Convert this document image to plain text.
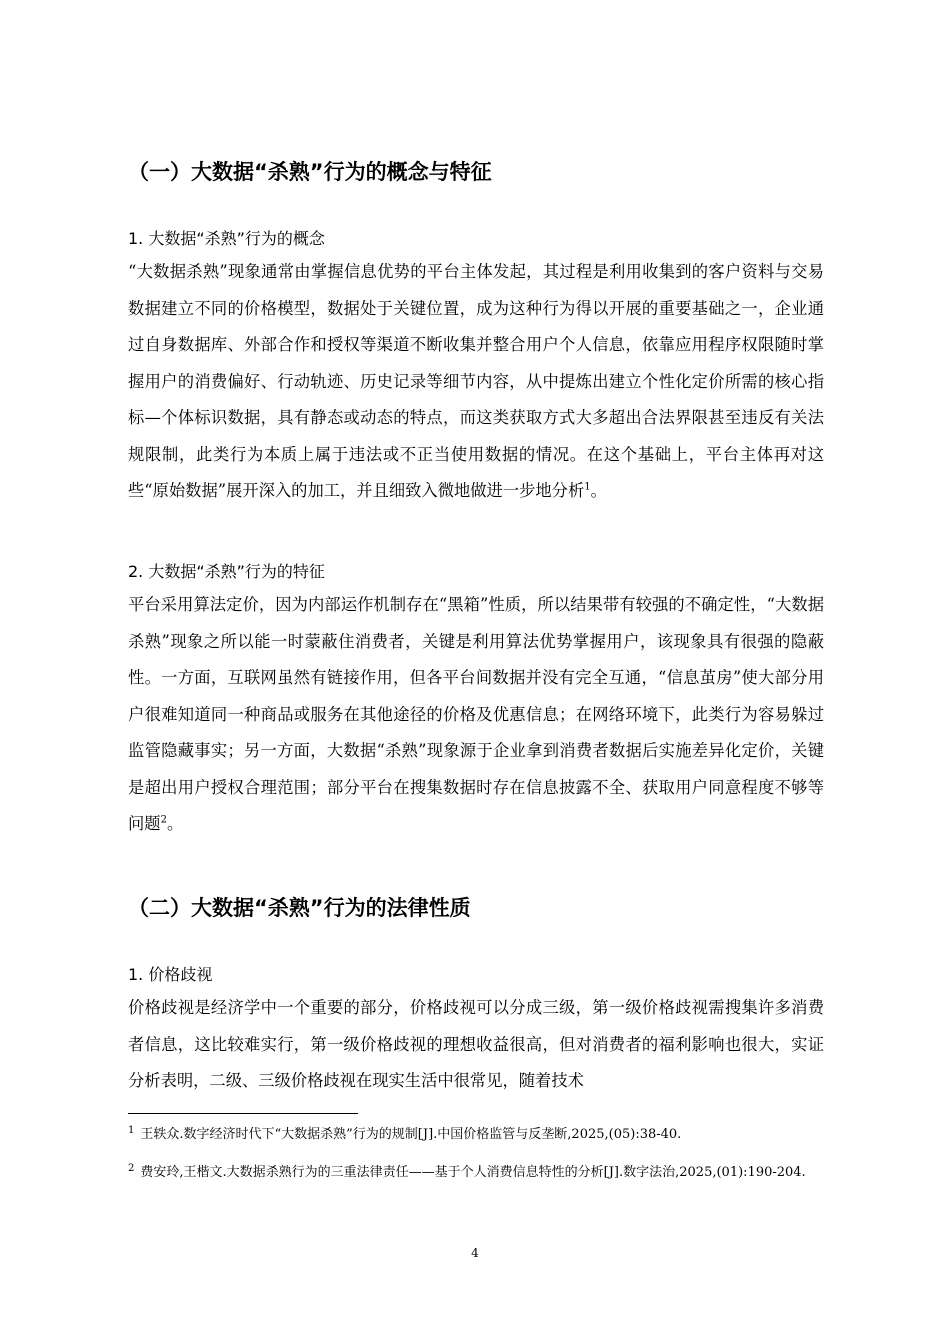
（一）大数据“杀熟”行为的概念与特征
1. 大数据“杀熟”行为的概念
“大数据杀熟”现象通常由掌握信息优势的平台主体发起，其过程是利用收集到的客户资料与交易数据建立不同的价格模型，数据处于关键位置，成为这种行为得以开展的重要基础之一，企业通过自身数据库、外部合作和授权等渠道不断收集并整合用户个人信息，依靠应用程序权限随时掌握用户的消费偏好、行动轨迹、历史记录等细节内容，从中提炼出建立个性化定价所需的核心指标—个体标识数据，具有静态或动态的特点，而这类获取方式大多超出合法界限甚至违反有关法规限制，此类行为本质上属于违法或不正当使用数据的情况。在这个基础上，平台主体再对这些“原始数据”展开深入的加工，并且细致入微地做进一步地分析$^1$。
2. 大数据“杀熟”行为的特征
平台采用算法定价，因为内部运作机制存在“黑箱”性质，所以结果带有较强的不确定性，“大数据杀熟”现象之所以能一时蒙蔽住消费者，关键是利用算法优势掌握用户，该现象具有很强的隐蔽性。一方面，互联网虽然有链接作用，但各平台间数据并没有完全互通，“信息茧房”使大部分用户很难知道同一种商品或服务在其他途径的价格及优惠信息；在网络环境下，此类行为容易躲过监管隐藏事实；另一方面，大数据“杀熟”现象源于企业拿到消费者数据后实施差异化定价，关键是超出用户授权合理范围；部分平台在搜集数据时存在信息披露不全、获取用户同意程度不够等问题$^2$。
（二）大数据“杀熟”行为的法律性质
1. 价格歧视
价格歧视是经济学中一个重要的部分，价格歧视可以分成三级，第一级价格歧视需搜集许多消费者信息，这比较难实行，第一级价格歧视的理想收益很高，但对消费者的福利影响也很大，实证分析表明，二级、三级价格歧视在现实生活中很常见，随着技术
$^1$ 王轶众.数字经济时代下“大数据杀熟”行为的规制[J].中国价格监管与反垄断,2025,(05):38-40.
$^2$ 费安玲,王楷文.大数据杀熟行为的三重法律责任——基于个人消费信息特性的分析[J].数字法治,2025,(01):190-204.
4
